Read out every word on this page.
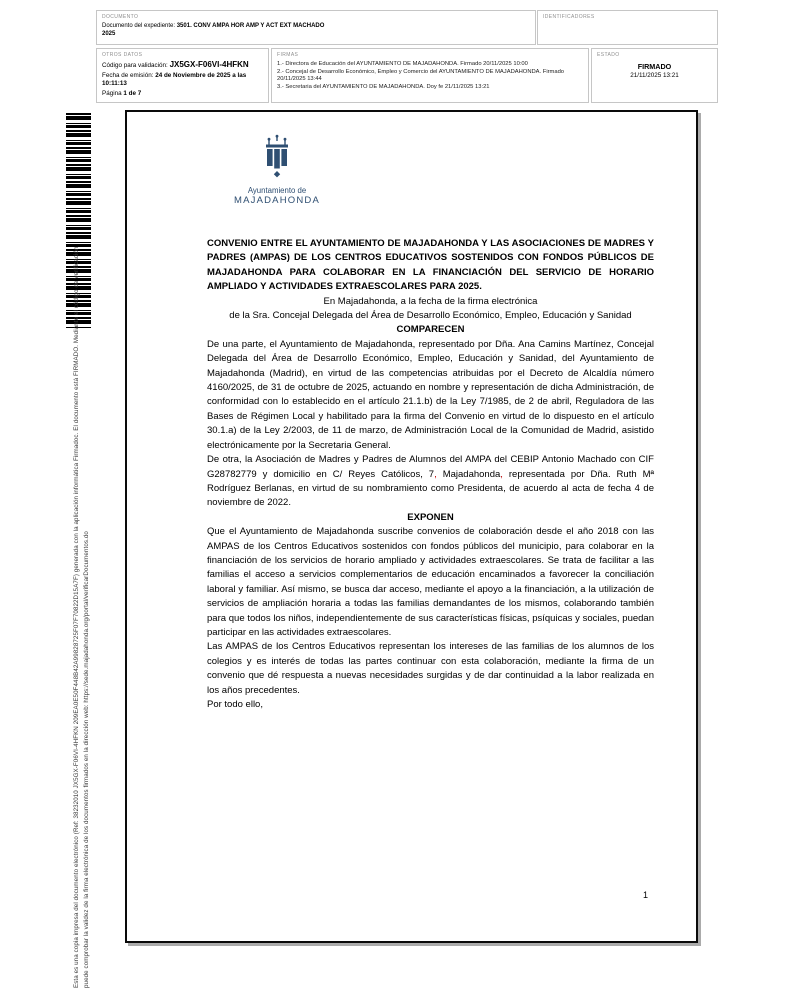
DOCUMENTO

Documento del expediente: 3501. CONV AMPA HOR AMP Y ACT EXT MACHADO 2025

IDENTIFICADORES
OTROS DATOS

Código para validación: JX5GX-F06VI-4HFKN

Fecha de emisión: 24 de Noviembre de 2025 a las 10:11:13

Página 1 de 7

FIRMAS

1.- Directora de Educación del AYUNTAMIENTO DE MAJADAHONDA. Firmado 20/11/2025 10:00

2.- Concejal de Desarrollo Económico, Empleo y Comercio del AYUNTAMIENTO DE MAJADAHONDA. Firmado 20/11/2025 13:44

3.- Secretaria del AYUNTAMIENTO DE MAJADAHONDA. Doy fe 21/11/2025 13:21

ESTADO
FIRMADO
21/11/2025 13:21
Esta es una copia impresa del documento electrónico (Ref: 38232010 JX5GX-F06VI-4HFKN 209EA0E50F448B42A99828725F07F70822D15A7F) generada con la aplicación informática Firmadoc. El documento está FIRMADO. Mediante el código de verificación puede comprobar la validez de la firma electrónica de los documentos firmados en la dirección web: https://sede.majadahonda.org/portal/verificarDocumentos.do
Ayuntamiento de
MAJADAHONDA

CONVENIO ENTRE EL AYUNTAMIENTO DE MAJADAHONDA Y LAS ASOCIACIONES DE MADRES Y PADRES (AMPAS) DE LOS CENTROS EDUCATIVOS SOSTENIDOS CON FONDOS PÚBLICOS DE MAJADAHONDA PARA COLABORAR EN LA FINANCIACIÓN DEL SERVICIO DE HORARIO AMPLIADO Y ACTIVIDADES EXTRAESCOLARES PARA 2025.

En Majadahonda, a la fecha de la firma electrónica

de la Sra. Concejal Delegada del Área de Desarrollo Económico, Empleo, Educación y Sanidad

COMPARECEN

De una parte, el Ayuntamiento de Majadahonda, representado por Dña. Ana Camins Martínez, Concejal Delegada del Área de Desarrollo Económico, Empleo, Educación y Sanidad, del Ayuntamiento de Majadahonda (Madrid), en virtud de las competencias atribuidas por el Decreto de Alcaldía número 4160/2025, de 31 de octubre de 2025, actuando en nombre y representación de dicha Administración, de conformidad con lo establecido en el artículo 21.1.b) de la Ley 7/1985, de 2 de abril, Reguladora de las Bases de Régimen Local y habilitado para la firma del Convenio en virtud de lo dispuesto en el artículo 30.1.a) de la Ley 2/2003, de 11 de marzo, de Administración Local de la Comunidad de Madrid, asistido electrónicamente por la Secretaria General.

De otra, la Asociación de Madres y Padres de Alumnos del AMPA del CEBIP Antonio Machado con CIF G28782779 y domicilio en C/ Reyes Católicos, 7, Majadahonda, representada por Dña. Ruth Mª Rodríguez Berlanas, en virtud de su nombramiento como Presidenta, de acuerdo al acta de fecha 4 de noviembre de 2022.

EXPONEN

Que el Ayuntamiento de Majadahonda suscribe convenios de colaboración desde el año 2018 con las AMPAS de los Centros Educativos sostenidos con fondos públicos del municipio, para colaborar en la financiación de los servicios de horario ampliado y actividades extraescolares. Se trata de facilitar a las familias el acceso a servicios complementarios de educación encaminados a favorecer la conciliación laboral y familiar. Así mismo, se busca dar acceso, mediante el apoyo a la financiación, a la utilización de servicios de ampliación horaria a todas las familias demandantes de los mismos, colaborando también para que todos los niños, independientemente de sus características físicas, psíquicas y sociales, puedan participar en las actividades extraescolares.

Las AMPAS de los Centros Educativos representan los intereses de las familias de los alumnos de los colegios y es interés de todas las partes continuar con esta colaboración, mediante la firma de un convenio que dé respuesta a nuevas necesidades surgidas y de dar continuidad a la labor realizada en los años precedentes.

Por todo ello,

1
